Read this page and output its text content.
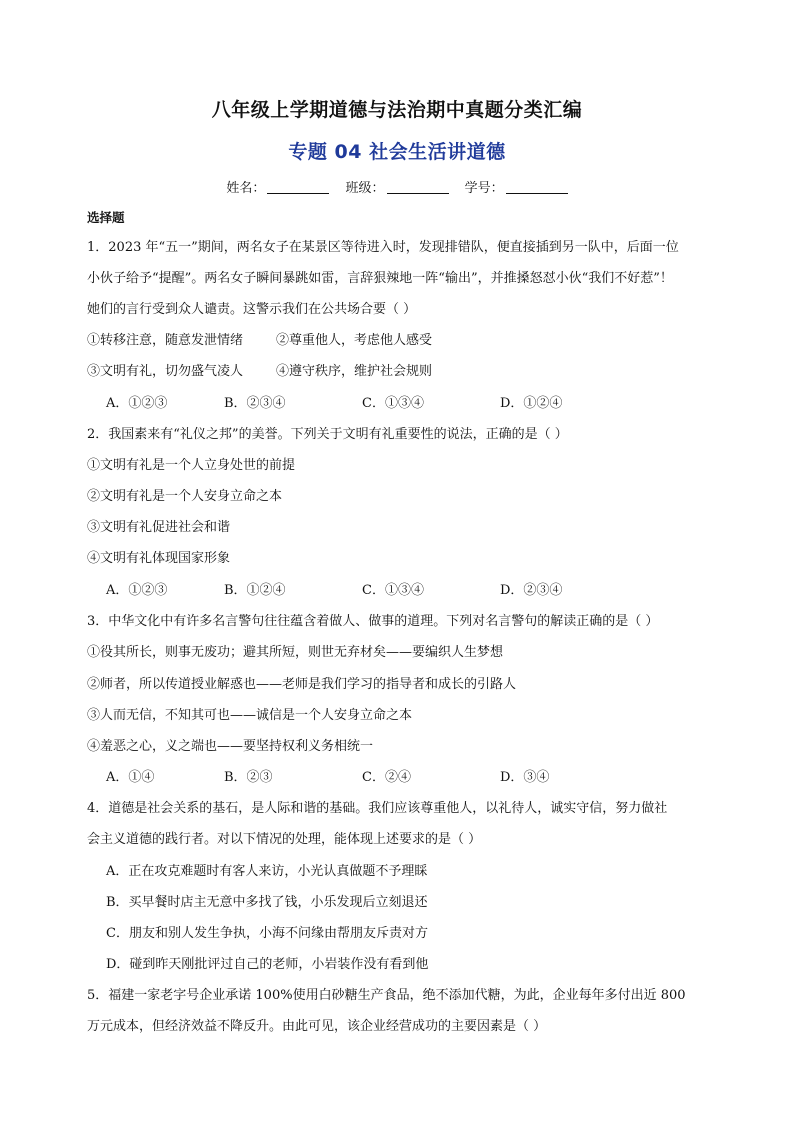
八年级上学期道德与法治期中真题分类汇编
专题 04 社会生活讲道德
姓名：	班级：	学号：
选择题
1．2023 年“五一”期间，两名女子在某景区等待进入时，发现排错队，便直接插到另一队中，后面一位
小伙子给予“提醒”。两名女子瞬间暴跳如雷，言辞狠辣地一阵“输出”，并推搡怒怼小伙“我们不好惹”！
她们的言行受到众人谴责。这警示我们在公共场合要（ ）
①转移注意，随意发泄情绪        ②尊重他人，考虑他人感受
③文明有礼，切勿盛气凌人        ④遵守秩序，维护社会规则
A．①②③	B．②③④	C．①③④	D．①②④
2．我国素来有“礼仪之邦”的美誉。下列关于文明有礼重要性的说法，正确的是（ ）
①文明有礼是一个人立身处世的前提
②文明有礼是一个人安身立命之本
③文明有礼促进社会和谐
④文明有礼体现国家形象
A．①②③	B．①②④	C．①③④	D．②③④
3．中华文化中有许多名言警句往往蕴含着做人、做事的道理。下列对名言警句的解读正确的是（ ）
①役其所长，则事无废功；避其所短，则世无弃材矣——要编织人生梦想
②师者，所以传道授业解惑也——老师是我们学习的指导者和成长的引路人
③人而无信，不知其可也——诚信是一个人安身立命之本
④羞恶之心，义之端也——要坚持权利义务相统一
A．①④	B．②③	C．②④	D．③④
4．道德是社会关系的基石，是人际和谐的基础。我们应该尊重他人，以礼待人，诚实守信，努力做社
会主义道德的践行者。对以下情况的处理，能体现上述要求的是（ ）
A．正在攻克难题时有客人来访，小光认真做题不予理睬
B．买早餐时店主无意中多找了钱，小乐发现后立刻退还
C．朋友和别人发生争执，小海不问缘由帮朋友斥责对方
D．碰到昨天刚批评过自己的老师，小岩装作没有看到他
5．福建一家老字号企业承诺 100%使用白砂糖生产食品，绝不添加代糖，为此，企业每年多付出近 800
万元成本，但经济效益不降反升。由此可见，该企业经营成功的主要因素是（ ）
